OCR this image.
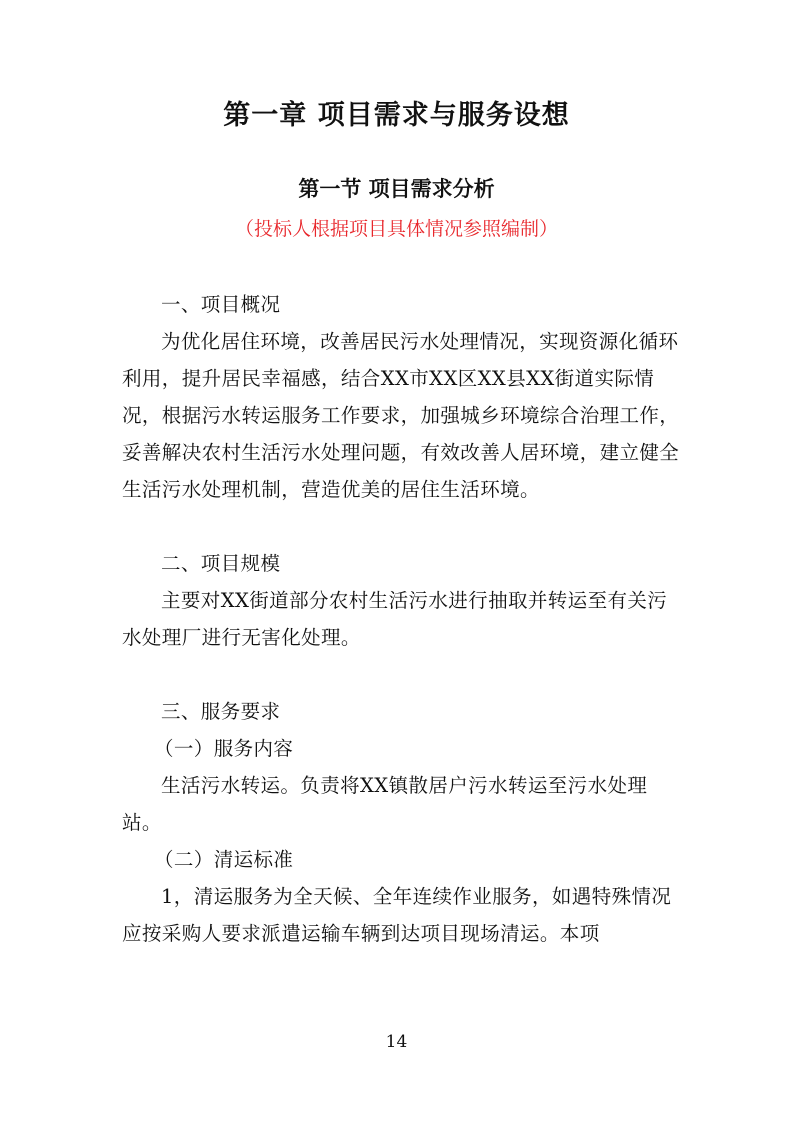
第一章 项目需求与服务设想
第一节 项目需求分析
（投标人根据项目具体情况参照编制）

一、项目概况

为优化居住环境，改善居民污水处理情况，实现资源化循环利用，提升居民幸福感，结合XX市XX区XX县XX街道实际情况，根据污水转运服务工作要求，加强城乡环境综合治理工作，妥善解决农村生活污水处理问题，有效改善人居环境，建立健全生活污水处理机制，营造优美的居住生活环境。

二、项目规模

主要对XX街道部分农村生活污水进行抽取并转运至有关污水处理厂进行无害化处理。

三、服务要求

（一）服务内容

生活污水转运。负责将XX镇散居户污水转运至污水处理站。

（二）清运标准

1，清运服务为全天候、全年连续作业服务，如遇特殊情况应按采购人要求派遣运输车辆到达项目现场清运。本项

14
